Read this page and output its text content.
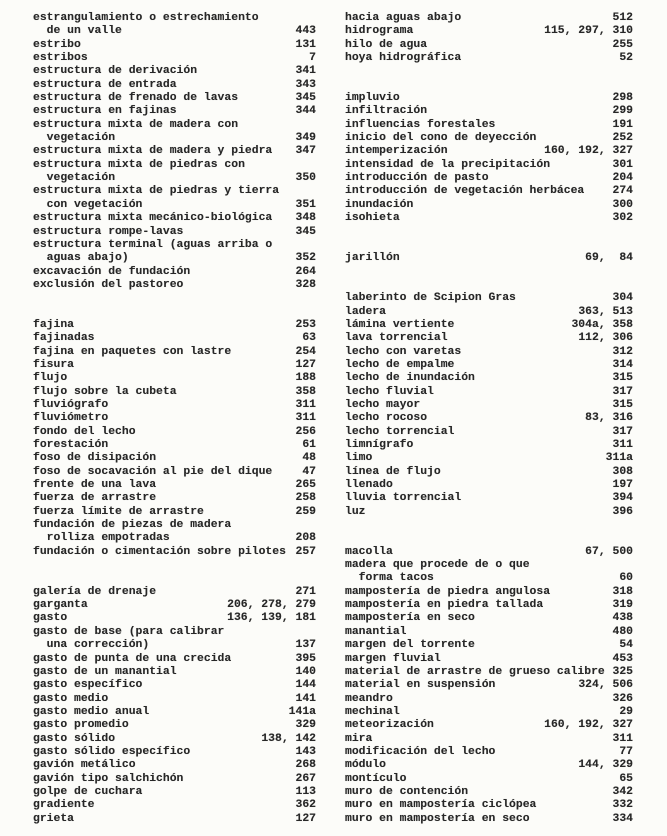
estrangulamiento o estrechamiento
de un valle	443
estribo	131
estribos	7
estructura de derivación	341
estructura de entrada	343
estructura de frenado de lavas	345
estructura en fajinas	344
estructura mixta de madera con
vegetación	349
estructura mixta de madera y piedra 347
estructura mixta de piedras con
vegetación	350
estructura mixta de piedras y tierra
con vegetación	351
estructura mixta mecánico-biológica 348
estructura rompe-lavas	345
estructura terminal (aguas arriba o
aguas abajo)	352
excavación de fundación	264
exclusión del pastoreo	328
fajina	253
fajinadas	63
fajina en paquetes con lastre	254
fisura	127
flujo	188
flujo sobre la cubeta	358
fluviógrafo	311
fluviómetro	311
fondo del lecho	256
forestación	61
foso de disipación	48
foso de socavación al pie del dique	47
frente de una lava	265
fuerza de arrastre	258
fuerza límite de arrastre	259
fundación de piezas de madera
rolliza empotradas	208
fundación o cimentación sobre pilotes 257
galería de drenaje	271
garganta	206, 278, 279
gasto	136, 139, 181
gasto de base (para calibrar
una corrección)	137
gasto de punta de una crecida	395
gasto de un manantial	140
gasto específico	144
gasto medio	141
gasto medio anual	141a
gasto promedio	329
gasto sólido	138, 142
gasto sólido específico	143
gavión metálico	268
gavión tipo salchichón	267
golpe de cuchara	113
gradiente	362
grieta	127
hacia aguas abajo	512
hidrograma	115, 297, 310
hilo de agua	255
hoya hidrográfica	52
impluvio	298
infiltración	299
influencias forestales	191
inicio del cono de deyección	252
intemperización	160, 192, 327
intensidad de la precipitación	301
introducción de pasto	204
introducción de vegetación herbácea 274
inundación	300
isohieta	302
jarillón	69,  84
laberinto de Scipion Gras	304
ladera	363, 513
lámina vertiente	304a, 358
lava torrencial	112, 306
lecho con varetas	312
lecho de empalme	314
lecho de inundación	315
lecho fluvial	317
lecho mayor	315
lecho rocoso	83, 316
lecho torrencial	317
limnígrafo	311
limo	311a
línea de flujo	308
llenado	197
lluvia torrencial	394
luz	396
macolla	67, 500
madera que procede de o que
forma tacos	60
mampostería de piedra angulosa	318
mampostería en piedra tallada	319
mampostería en seco	438
manantial	480
margen del torrente	54
margen fluvial	453
material de arrastre de grueso calibre 325
material en suspensión	324, 506
meandro	326
mechinal	29
meteorización	160, 192, 327
mira	311
modificación del lecho	77
módulo	144, 329
montículo	65
muro de contención	342
muro en mampostería ciclópea	332
muro en mampostería en seco	334
